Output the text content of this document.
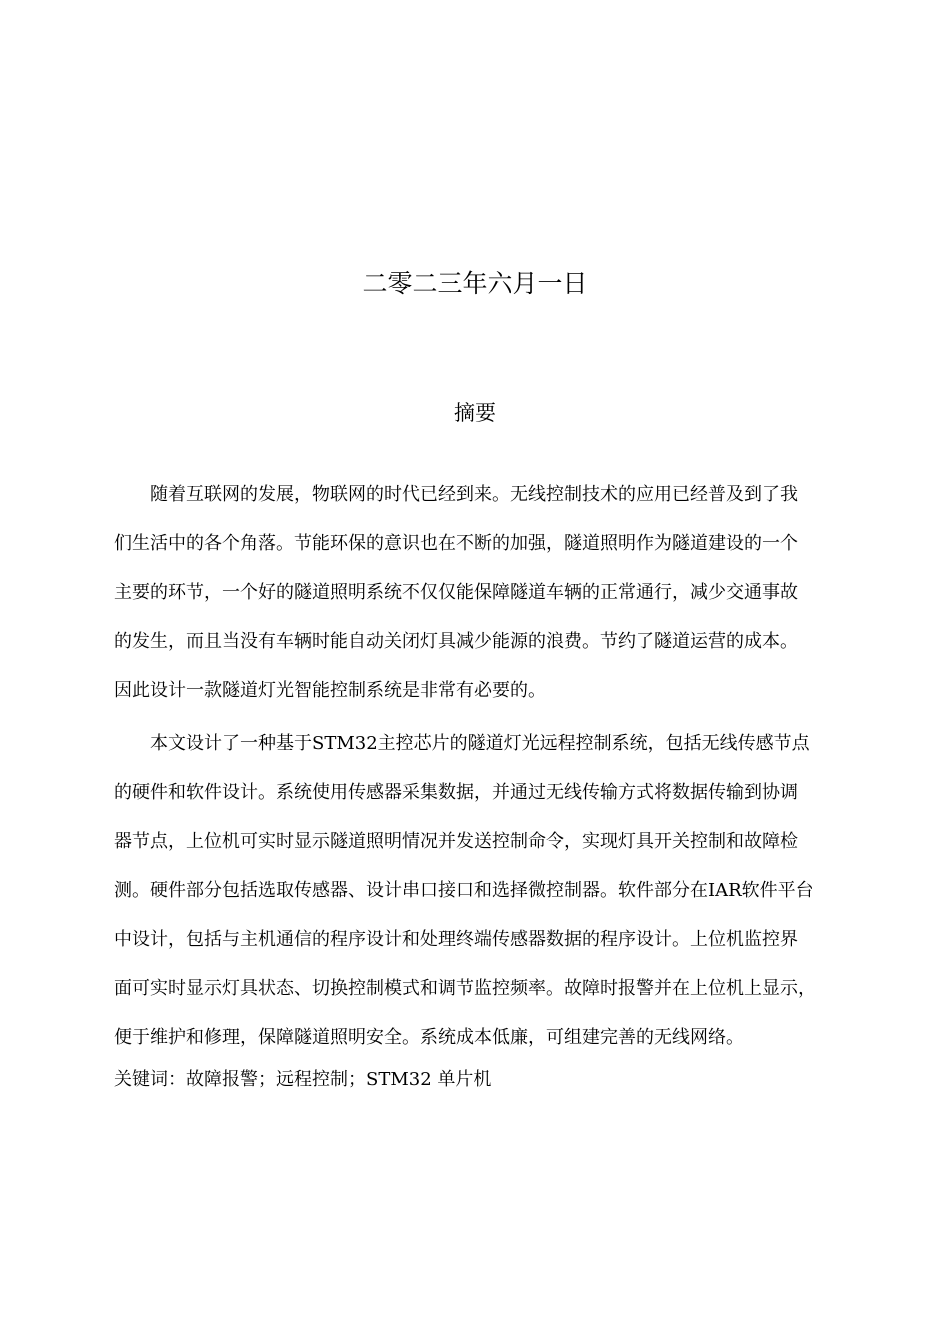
二零二三年六月一日
摘要
　　随着互联网的发展，物联网的时代已经到来。无线控制技术的应用已经普及到了我
们生活中的各个角落。节能环保的意识也在不断的加强，隧道照明作为隧道建设的一个
主要的环节，一个好的隧道照明系统不仅仅能保障隧道车辆的正常通行，减少交通事故
的发生，而且当没有车辆时能自动关闭灯具减少能源的浪费。节约了隧道运营的成本。
因此设计一款隧道灯光智能控制系统是非常有必要的。
　　本文设计了一种基于STM32主控芯片的隧道灯光远程控制系统，包括无线传感节点
的硬件和软件设计。系统使用传感器采集数据，并通过无线传输方式将数据传输到协调
器节点，上位机可实时显示隧道照明情况并发送控制命令，实现灯具开关控制和故障检
测。硬件部分包括选取传感器、设计串口接口和选择微控制器。软件部分在IAR软件平台
中设计，包括与主机通信的程序设计和处理终端传感器数据的程序设计。上位机监控界
面可实时显示灯具状态、切换控制模式和调节监控频率。故障时报警并在上位机上显示，
便于维护和修理，保障隧道照明安全。系统成本低廉，可组建完善的无线网络。
关键词：故障报警；远程控制；STM32 单片机
